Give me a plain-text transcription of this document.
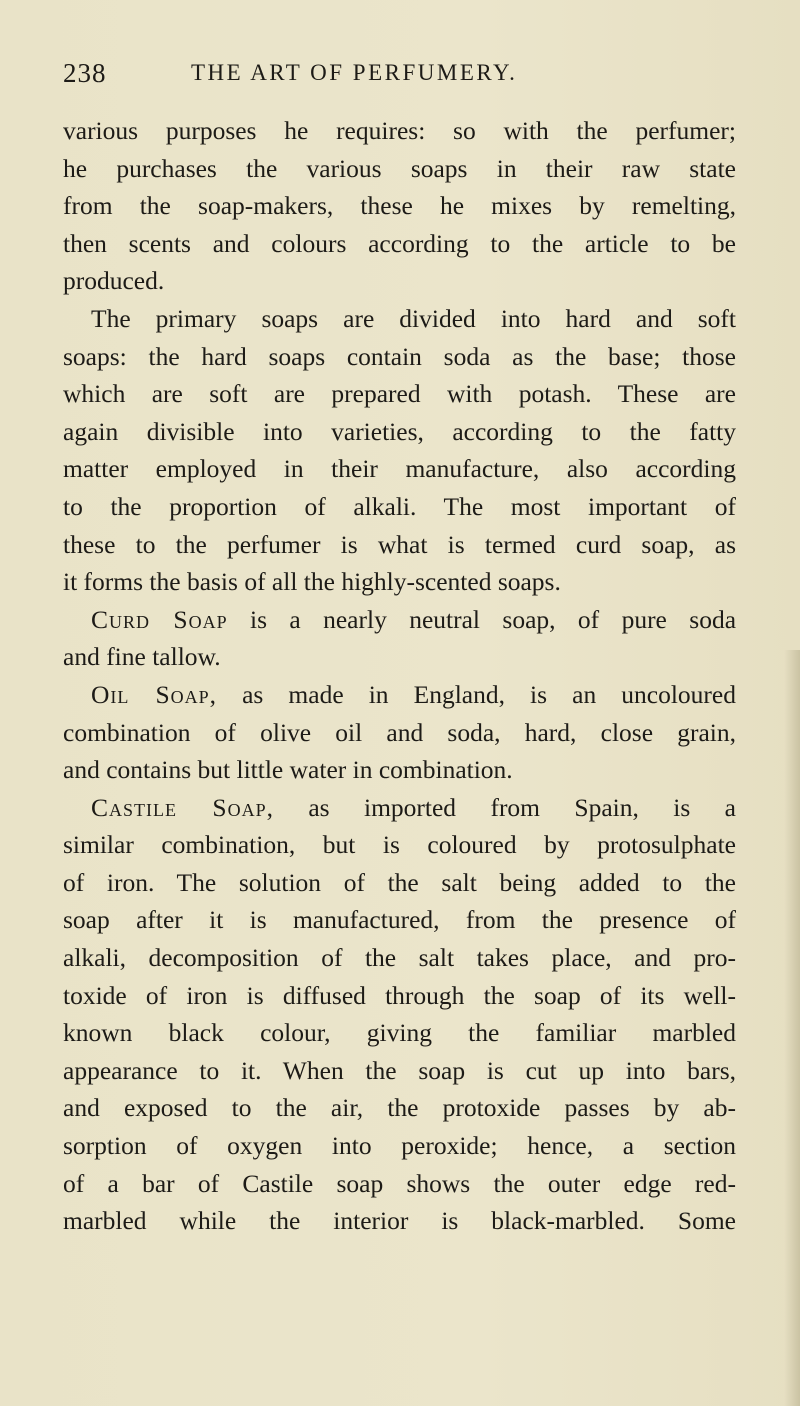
238	THE ART OF PERFUMERY.
various purposes he requires: so with the perfumer;
he purchases the various soaps in their raw state
from the soap-makers, these he mixes by remelting,
then scents and colours according to the article to be
produced.
The primary soaps are divided into hard and soft
soaps: the hard soaps contain soda as the base; those
which are soft are prepared with potash. These are
again divisible into varieties, according to the fatty
matter employed in their manufacture, also according
to the proportion of alkali. The most important of
these to the perfumer is what is termed curd soap, as
it forms the basis of all the highly-scented soaps.
Curd Soap is a nearly neutral soap, of pure soda
and fine tallow.
Oil Soap, as made in England, is an uncoloured
combination of olive oil and soda, hard, close grain,
and contains but little water in combination.
Castile Soap, as imported from Spain, is a
similar combination, but is coloured by protosulphate
of iron. The solution of the salt being added to the
soap after it is manufactured, from the presence of
alkali, decomposition of the salt takes place, and pro-
toxide of iron is diffused through the soap of its well-
known black colour, giving the familiar marbled
appearance to it. When the soap is cut up into bars,
and exposed to the air, the protoxide passes by ab-
sorption of oxygen into peroxide; hence, a section
of a bar of Castile soap shows the outer edge red-
marbled while the interior is black-marbled. Some
